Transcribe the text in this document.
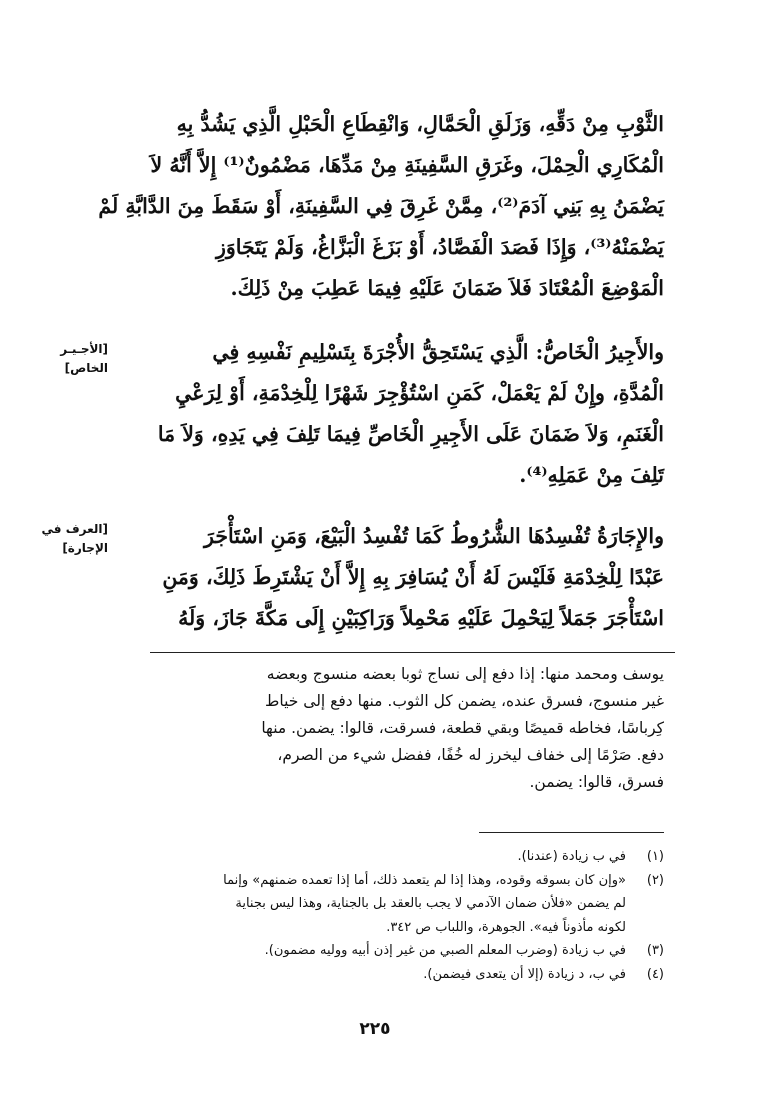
الثَّوْبِ مِنْ دَقِّهِ، وَزَلَقِ الْحَمَّالِ، وَانْقِطَاعِ الْحَبْلِ الَّذِي يَشُدُّ بِهِ
الْمُكَارِي الْحِمْلَ، وغَرَقِ السَّفِينَةِ مِنْ مَدِّهَا، مَضْمُونٌ⁽¹⁾ إِلاَّ أَنَّهُ لاَ
يَضْمَنُ بِهِ بَنِي آدَمَ⁽²⁾، مِمَّنْ غَرِقَ فِي السَّفِينَةِ، أَوْ سَقَطَ مِنَ الدَّابَّةِ لَمْ
يَضْمَنْهُ⁽³⁾، وَإِذَا فَصَدَ الْفَصَّادُ، أَوْ بَزَغَ الْبَزَّاغُ، وَلَمْ يَتَجَاوَزِ
الْمَوْضِعَ الْمُعْتَادَ فَلاَ ضَمَانَ عَلَيْهِ فِيمَا عَطِبَ مِنْ ذَلِكَ.
والأَجِيرُ الْخَاصُّ: الَّذِي يَسْتَحِقُّ الأُجْرَةَ بِتَسْلِيمِ نَفْسِهِ فِي
الْمُدَّةِ، وإِنْ لَمْ يَعْمَلْ، كَمَنِ اسْتُؤْجِرَ شَهْرًا لِلْخِدْمَةِ، أَوْ لِرَعْيِ
الْغَنَمِ، وَلاَ ضَمَانَ عَلَى الأَجِيرِ الْخَاصِّ فِيمَا تَلِفَ فِي يَدِهِ، وَلاَ مَا
تَلِفَ مِنْ عَمَلِهِ⁽⁴⁾.
والإِجَارَةُ تُفْسِدُهَا الشُّرُوطُ كَمَا تُفْسِدُ الْبَيْعَ، وَمَنِ اسْتَأْجَرَ
عَبْدًا لِلْخِدْمَةِ فَلَيْسَ لَهُ أَنْ يُسَافِرَ بِهِ إِلاَّ أَنْ يَشْتَرِطَ ذَلِكَ، وَمَنِ
اسْتَأْجَرَ جَمَلاً لِيَحْمِلَ عَلَيْهِ مَحْمِلاً وَرَاكِبَيْنِ إِلَى مَكَّةَ جَازَ، وَلَهُ
[الأجـيـر
الخاص]
[العرف في
الإجارة]
يوسف ومحمد منها: إذا دفع إلى نساج ثوبا بعضه منسوج وبعضه
غير منسوج، فسرق عنده، يضمن كل الثوب. منها دفع إلى خياط
كِرباسًا، فخاطه قميصًا وبقي قطعة، فسرقت، قالوا: يضمن. منها
دفع. صَرْمًا إلى خفاف ليخرز له خُفًا، ففضل شيء من الصرم،
فسرق، قالوا: يضمن.
(١)
في ب زيادة (عندنا).
(٢)
«وإن كان بسوقه وقوده، وهذا إذا لم يتعمد ذلك، أما إذا تعمده ضمنهم» وإنما
لم يضمن «فلأن ضمان الآدمي لا يجب بالعقد بل بالجناية، وهذا ليس بجناية
لكونه مأذوناً فيه». الجوهرة، واللباب ص ٣٤٢.
(٣)
في ب زيادة (وضرب المعلم الصبي من غير إذن أبيه ووليه مضمون).
(٤)
في ب، د زيادة (إلا أن يتعدى فيضمن).
٢٢٥
